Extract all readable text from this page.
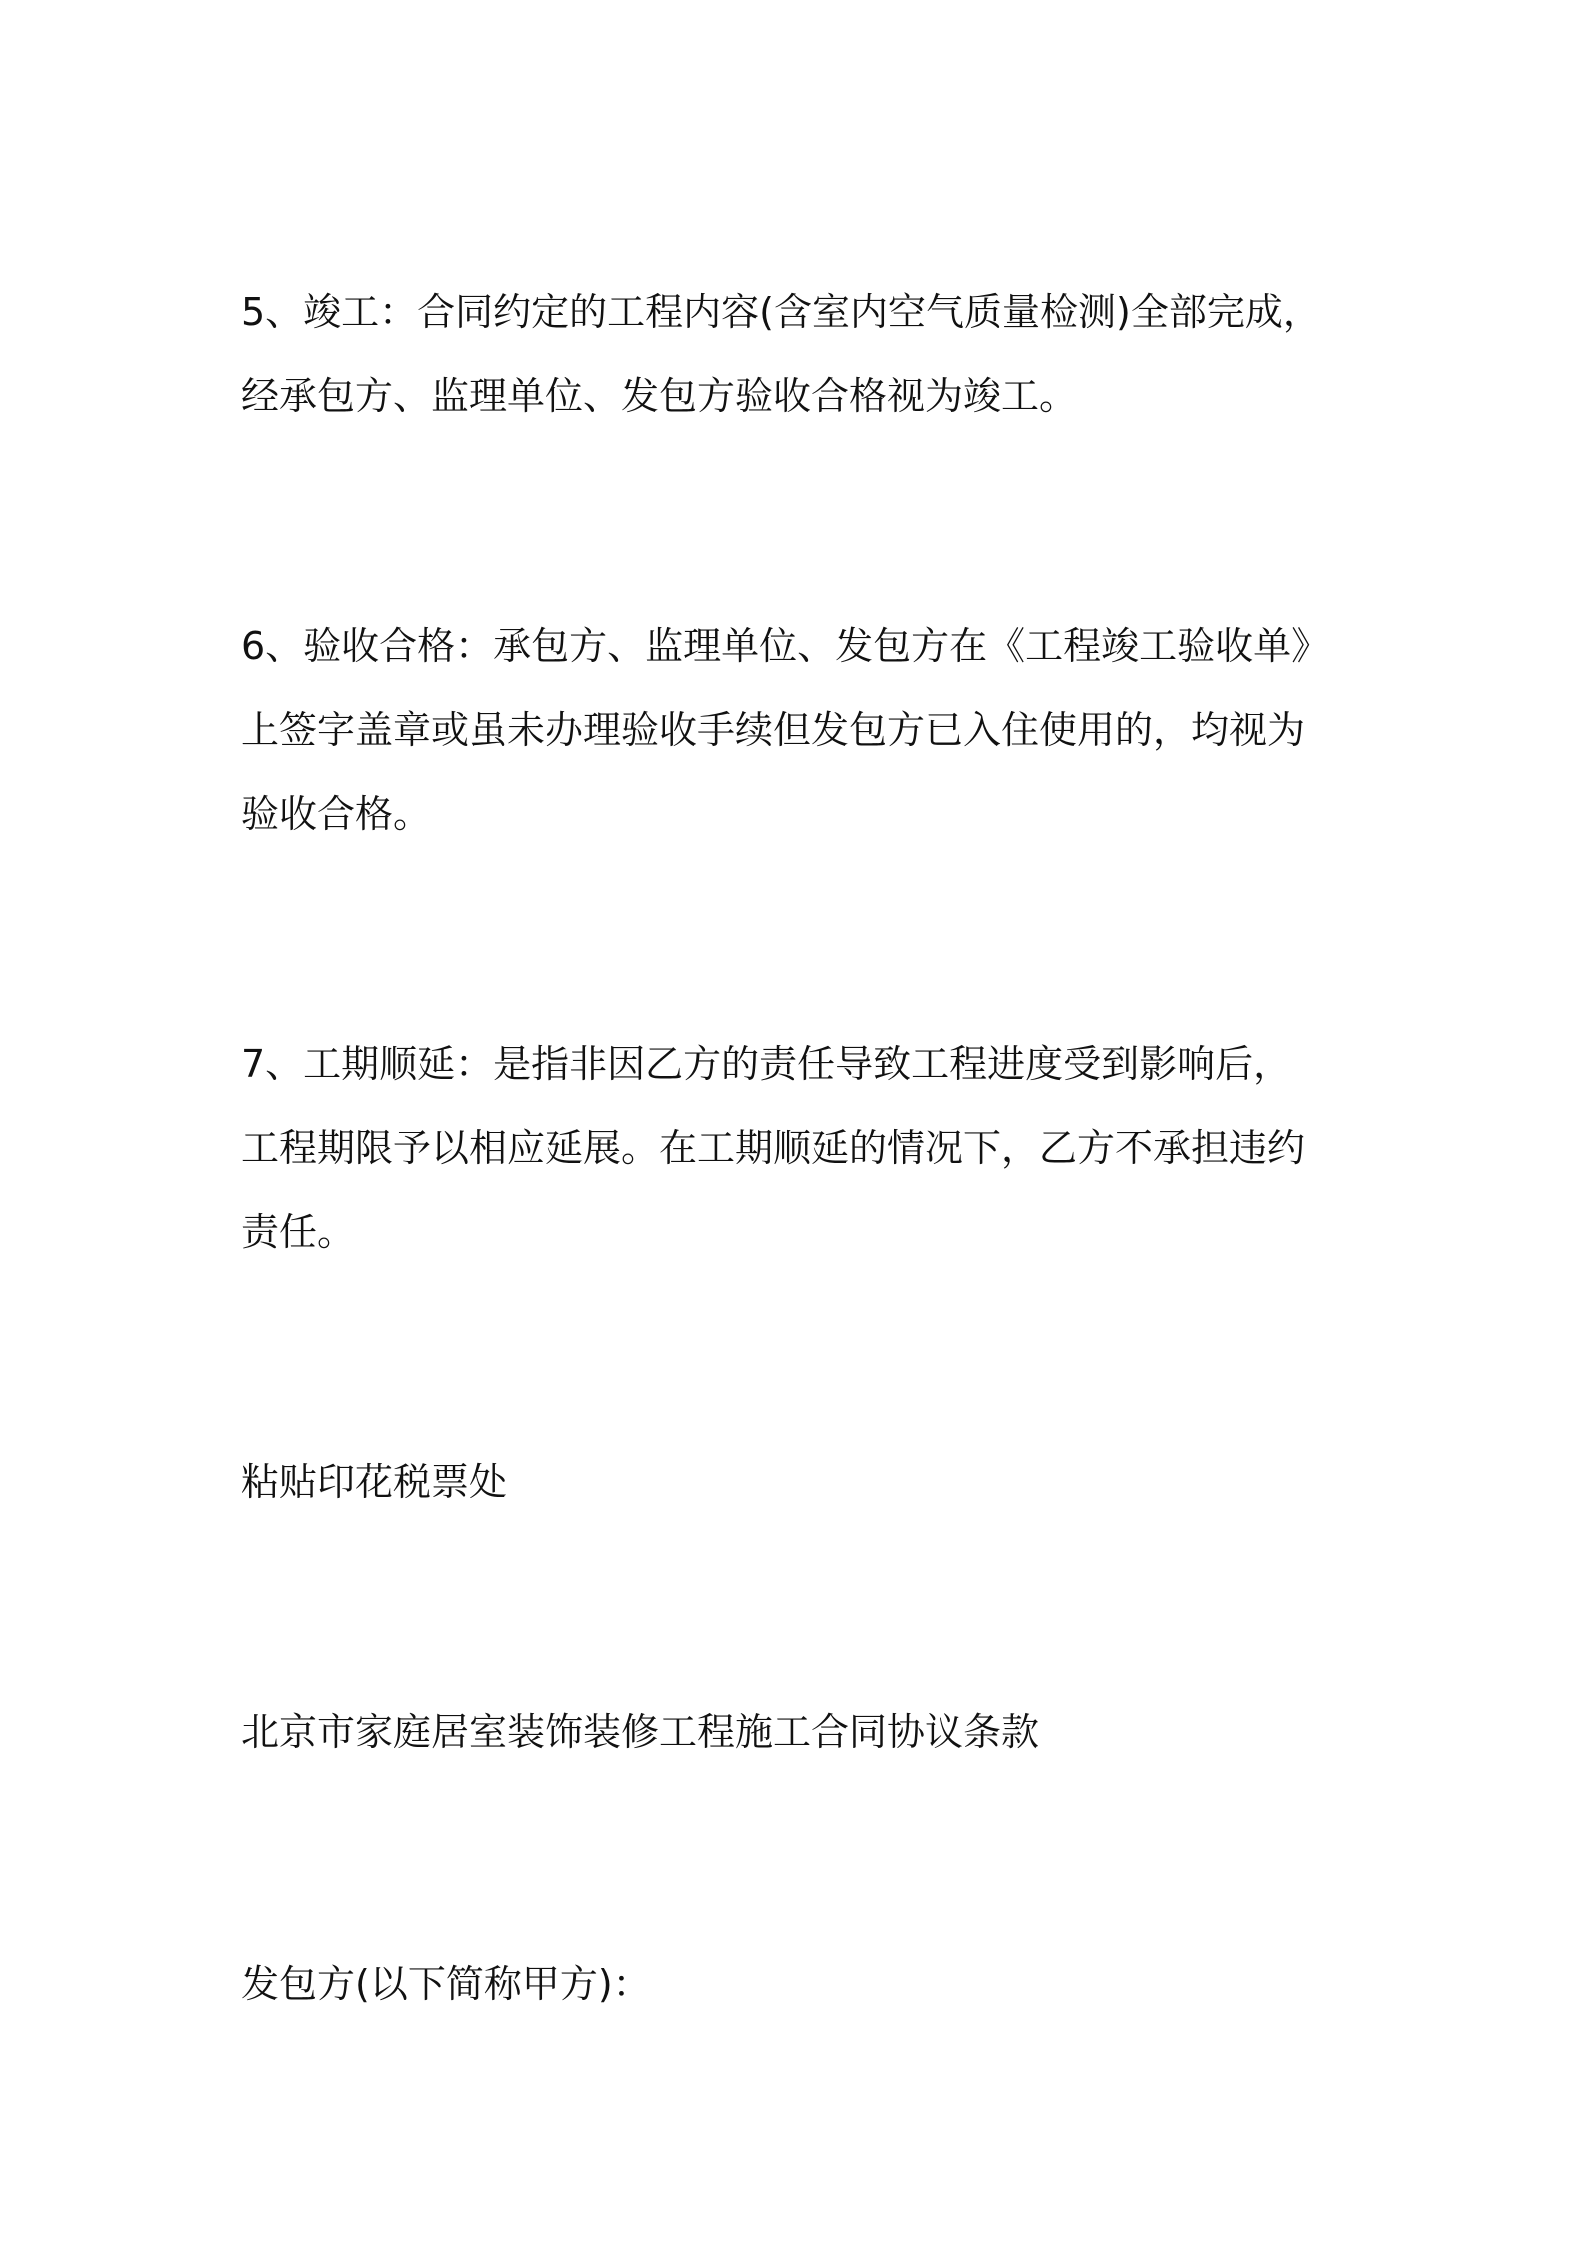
5、竣工：合同约定的工程内容(含室内空气质量检测)全部完成，
经承包方、监理单位、发包方验收合格视为竣工。

6、验收合格：承包方、监理单位、发包方在《工程竣工验收单》
上签字盖章或虽未办理验收手续但发包方已入住使用的，均视为
验收合格。

7、工期顺延：是指非因乙方的责任导致工程进度受到影响后，
工程期限予以相应延展。在工期顺延的情况下，乙方不承担违约
责任。

粘贴印花税票处

北京市家庭居室装饰装修工程施工合同协议条款

发包方(以下简称甲方)：
